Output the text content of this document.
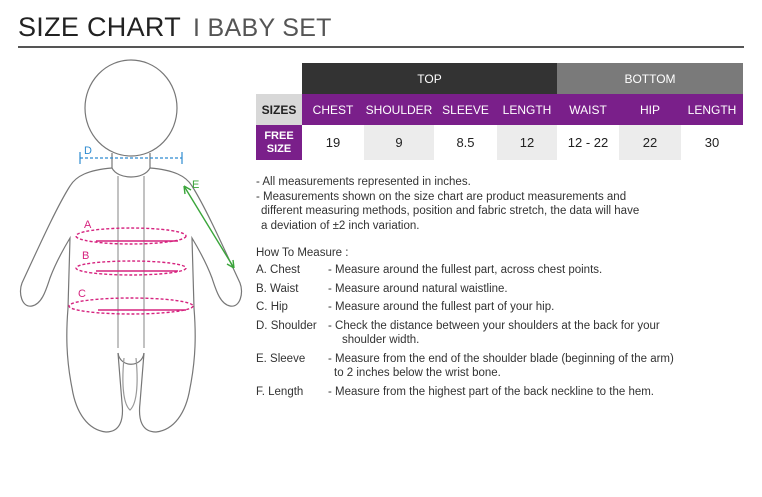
SIZE CHART I BABY SET
D
E
A
B
C
	TOP				BOTTOM		
SIZES	CHEST	SHOULDER	SLEEVE	LENGTH	WAIST	HIP	LENGTH
FREE
SIZE	19	9	8.5	12	12 - 22	22	30
- All measurements represented in inches.
- Measurements shown on the size chart are product measurements and
different measuring methods, position and fabric stretch, the data will have
a deviation of ±2 inch variation.
How To Measure :
A. Chest	- Measure around the fullest part, across chest points.
B. Waist	- Measure around natural waistline.
C. Hip	- Measure around the fullest part of your hip.
D. Shoulder - Check the distance between your shoulders at the back for your
shoulder width.
E. Sleeve	- Measure from the end of the shoulder blade (beginning of the arm)
to 2 inches below the wrist bone.
F. Length	- Measure from the highest part of the back neckline to the hem.
